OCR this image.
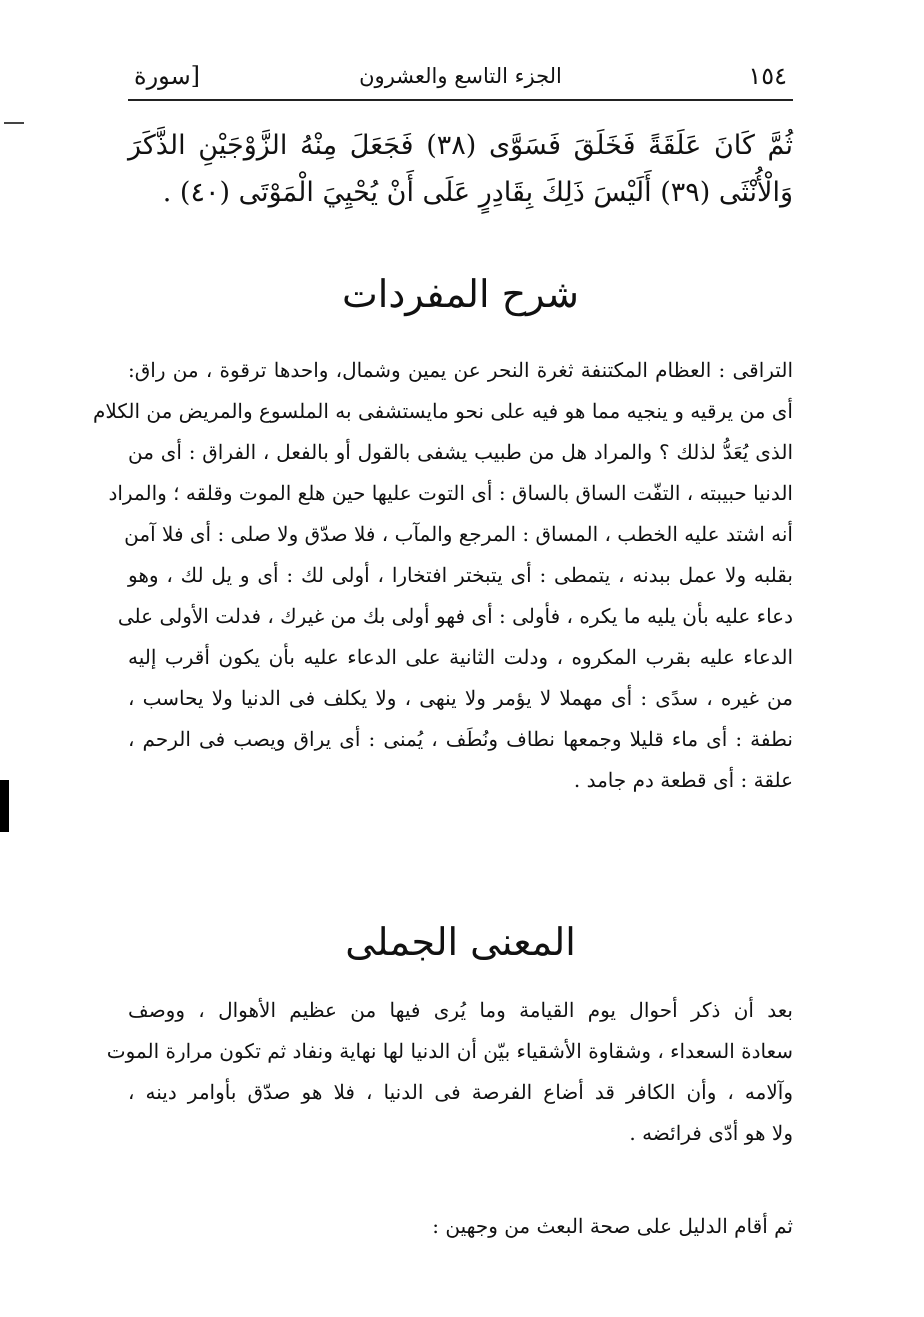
١٥٤
الجزء التاسع والعشرون
[سورة
ثُمَّ كَانَ عَلَقَةً فَخَلَقَ فَسَوَّى (٣٨) فَجَعَلَ مِنْهُ الزَّوْجَيْنِ الذَّكَرَ
وَالْأُنْثَى (٣٩) أَلَيْسَ ذَلِكَ بِقَادِرٍ عَلَى أَنْ يُحْيِيَ الْمَوْتَى (٤٠) .
شرح المفردات
التراقى : العظام المكتنفة ثغرة النحر عن يمين وشمال، واحدها ترقوة ، من راق:
أى من يرقيه و ينجيه مما هو فيه على نحو مايستشفى به الملسوع والمريض من الكلام
الذى يُعَدُّ لذلك ؟ والمراد هل من طبيب يشفى بالقول أو بالفعل ، الفراق : أى من
الدنيا حبيبته ، التفّت الساق بالساق : أى التوت عليها حين هلع الموت وقلقه ؛ والمراد
أنه اشتد عليه الخطب ، المساق : المرجع والمآب ، فلا صدّق ولا صلى : أى فلا آمن
بقلبه ولا عمل ببدنه ، يتمطى : أى يتبختر افتخارا ، أولى لك : أى و يل لك ، وهو
دعاء عليه بأن يليه ما يكره ، فأولى : أى فهو أولى بك من غيرك ، فدلت الأولى على
الدعاء عليه بقرب المكروه ، ودلت الثانية على الدعاء عليه بأن يكون أقرب إليه
من غيره ، سدًى : أى مهملا لا يؤمر ولا ينهى ، ولا يكلف فى الدنيا ولا يحاسب ،
نطفة : أى ماء قليلا وجمعها نطاف ونُطَف ، يُمنى : أى يراق ويصب فى الرحم ،
علقة : أى قطعة دم جامد .
المعنى الجملى
بعد أن ذكر أحوال يوم القيامة وما يُرى فيها من عظيم الأهوال ، ووصف
سعادة السعداء ، وشقاوة الأشقياء بيّن أن الدنيا لها نهاية ونفاد ثم تكون مرارة الموت
وآلامه ، وأن الكافر قد أضاع الفرصة فى الدنيا ، فلا هو صدّق بأوامر دينه ،
ولا هو أدّى فرائضه .
ثم أقام الدليل على صحة البعث من وجهين :
